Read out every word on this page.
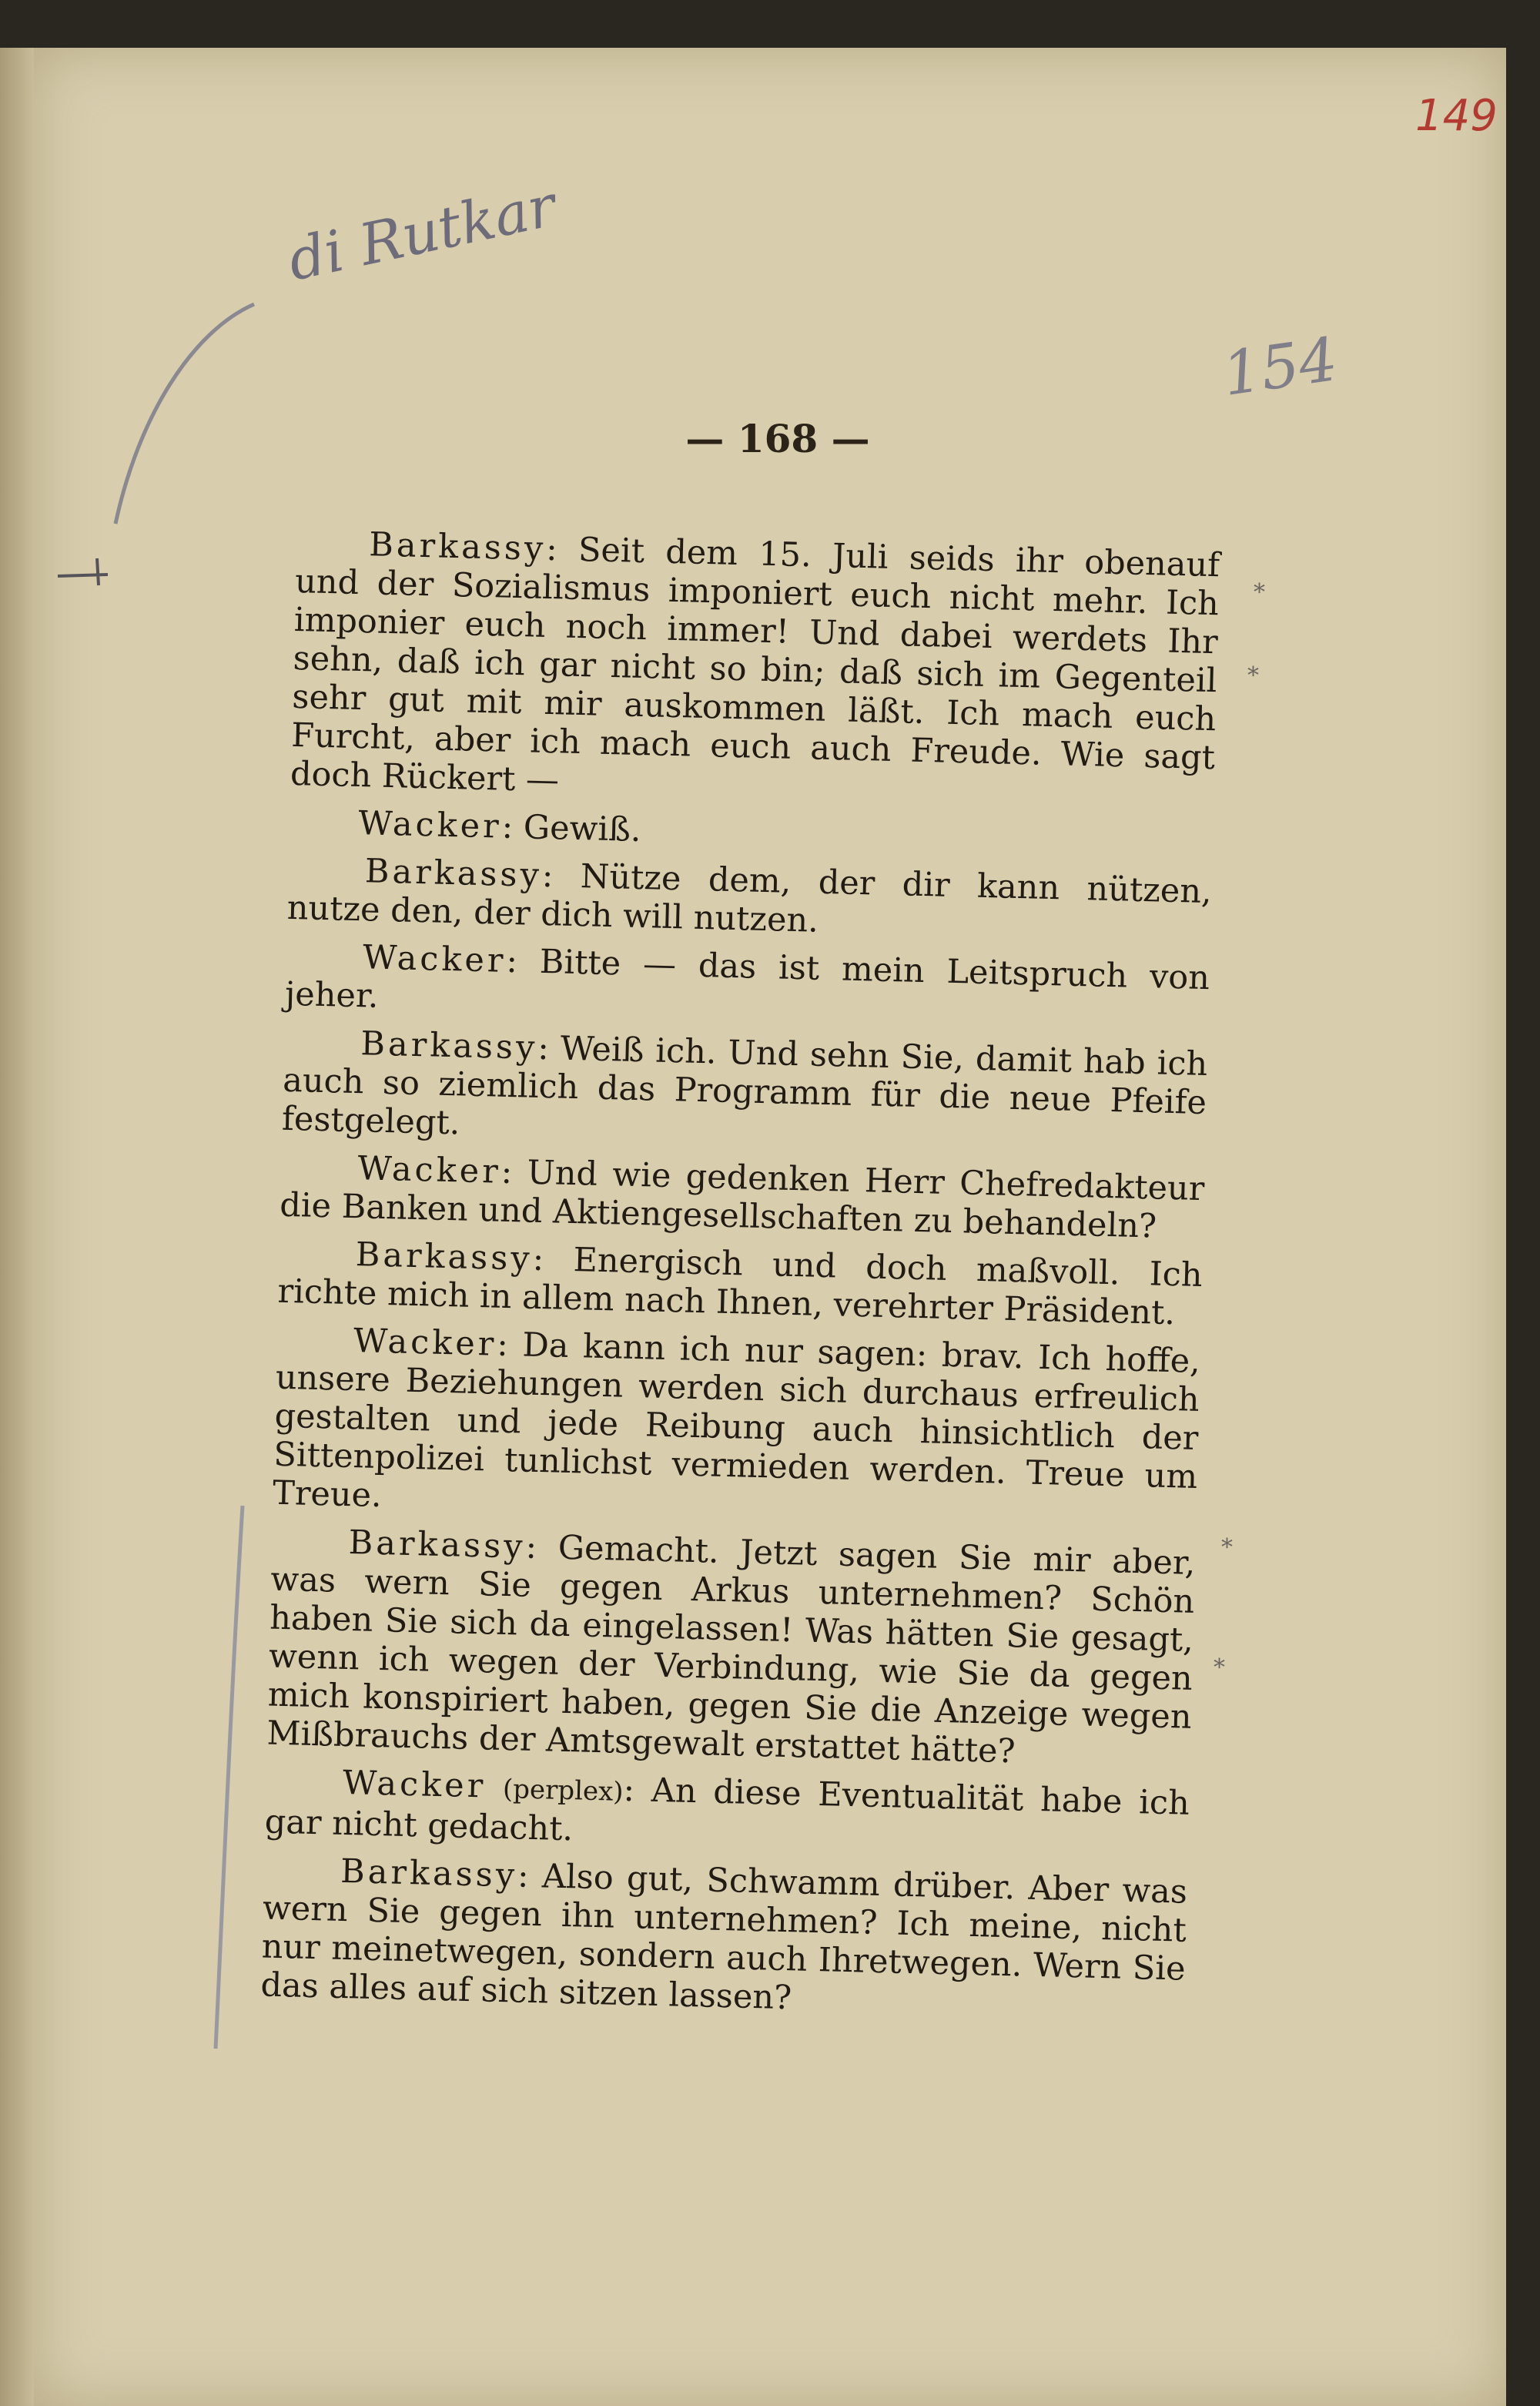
149
di Rutkar
154
— 168 —

Barkassy: Seit dem 15. Juli seids ihr obenauf und der Sozialismus imponiert euch nicht mehr. Ich imponier euch noch immer! Und dabei werdets Ihr sehn, daß ich gar nicht so bin; daß sich im Gegenteil sehr gut mit mir auskommen läßt. Ich mach euch Furcht, aber ich mach euch auch Freude. Wie sagt doch Rückert —

Wacker: Gewiß.

Barkassy: Nütze dem, der dir kann nützen, nutze den, der dich will nutzen.

Wacker: Bitte — das ist mein Leitspruch von jeher.

Barkassy: Weiß ich. Und sehn Sie, damit hab ich auch so ziemlich das Programm für die neue Pfeife festgelegt.

Wacker: Und wie gedenken Herr Chefredakteur die Banken und Aktiengesellschaften zu behandeln?

Barkassy: Energisch und doch maßvoll. Ich richte mich in allem nach Ihnen, verehrter Präsident.

Wacker: Da kann ich nur sagen: brav. Ich hoffe, unsere Beziehungen werden sich durchaus erfreulich gestalten und jede Reibung auch hinsichtlich der Sittenpolizei tunlichst vermieden werden. Treue um Treue.

Barkassy: Gemacht. Jetzt sagen Sie mir aber, was wern Sie gegen Arkus unternehmen? Schön haben Sie sich da eingelassen! Was hätten Sie gesagt, wenn ich wegen der Verbindung, wie Sie da gegen mich konspiriert haben, gegen Sie die Anzeige wegen Mißbrauchs der Amtsgewalt erstattet hätte?

Wacker (perplex): An diese Eventualität habe ich gar nicht gedacht.

Barkassy: Also gut, Schwamm drüber. Aber was wern Sie gegen ihn unternehmen? Ich meine, nicht nur meinetwegen, sondern auch Ihretwegen. Wern Sie das alles auf sich sitzen lassen?

*
*
*
*
